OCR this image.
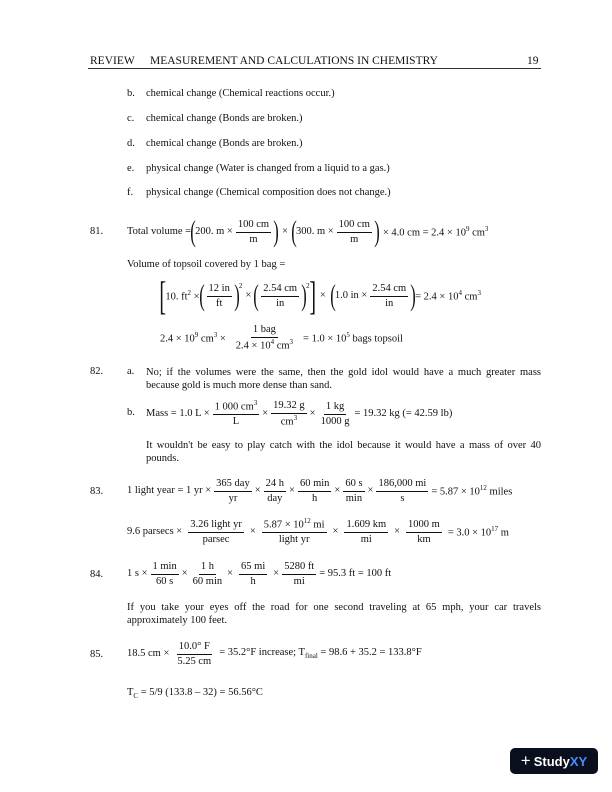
REVIEW MEASUREMENT AND CALCULATIONS IN CHEMISTRY	19
b. chemical change (Chemical reactions occur.)
c. chemical change (Bonds are broken.)
d. chemical change (Bonds are broken.)
e. physical change (Water is changed from a liquid to a gas.)
f. physical change (Chemical composition does not change.)
81. Total volume = ( 200. $m \times \frac{100 cm}{m}$ ) × ( 300. $m \times \frac{100 cm}{m}$ ) × 4.0 cm = $2.4 \times 10^9$ $cm^3$
Volume of topsoil covered by 1 bag =
[ 10. $ft^2$ × ( $\frac{12 in}{ft} )^2$
× ( $\frac{2.54 cm}{in} )^2$ ] × ( 1.0 in × $\frac{2.54 cm}{in}$ ) = $2.4 \times 10^4$ $cm^3$
$2.4 \times 10^9$ $cm^3 \times \frac{\text{1 bag}}{2.4 \times 10^4 cm^3} = 1.0 \times 10^5$ bags topsoil
82. a. No; if the volumes were the same, then the gold idol would have a much greater mass because gold is much more dense than sand.
b. Mass = 1.0 $L \times \frac{1 000 cm^3}{L} \times \frac{19.32 g}{cm^3} \times \frac{1 kg}{1000 g} = 19.32$ kg (= 42.59 lb)
It wouldn't be easy to play catch with the idol because it would have a mass of over 40 pounds.
83. 1 light year = 1 yr × $\frac{\text{365 day}}{yr} \times \frac{24 h}{\text{day}} \times \frac{60 \min}{h} \times \frac{60 s}{\min} \times \frac{186,000 mi}{s} = 5.87 \times 10^{12}$ miles
9.6 $parsecs \times \frac{\text{3.26 light yr}}{\text{parsec}} \times \frac{5.87 \times 10^{12} mi}{\text{light yr}} \times \frac{1.609 km}{mi} \times \frac{1000 m}{km} = 3.0 \times 10^{17}$ m
84. 1 $s \times \frac{1 \min}{60 s} \times \frac{1 h}{60 \min} \times \frac{65 mi}{h} \times \frac{5280 ft}{mi} = 95.3$ ft = 100 ft
If you take your eyes off the road for one second traveling at 65 mph, your car travels approximately 100 feet.
85. 18.5 cm × $\frac{10.0^\circ F}{5.25 cm} = 35.2^\circ F$ increase; $T_{final} = 98.6 + 35.2 = 133.8^\circ F$
$T_C = 5/9$ (133.8 – 32) = 56.56°C
+ Study XY
